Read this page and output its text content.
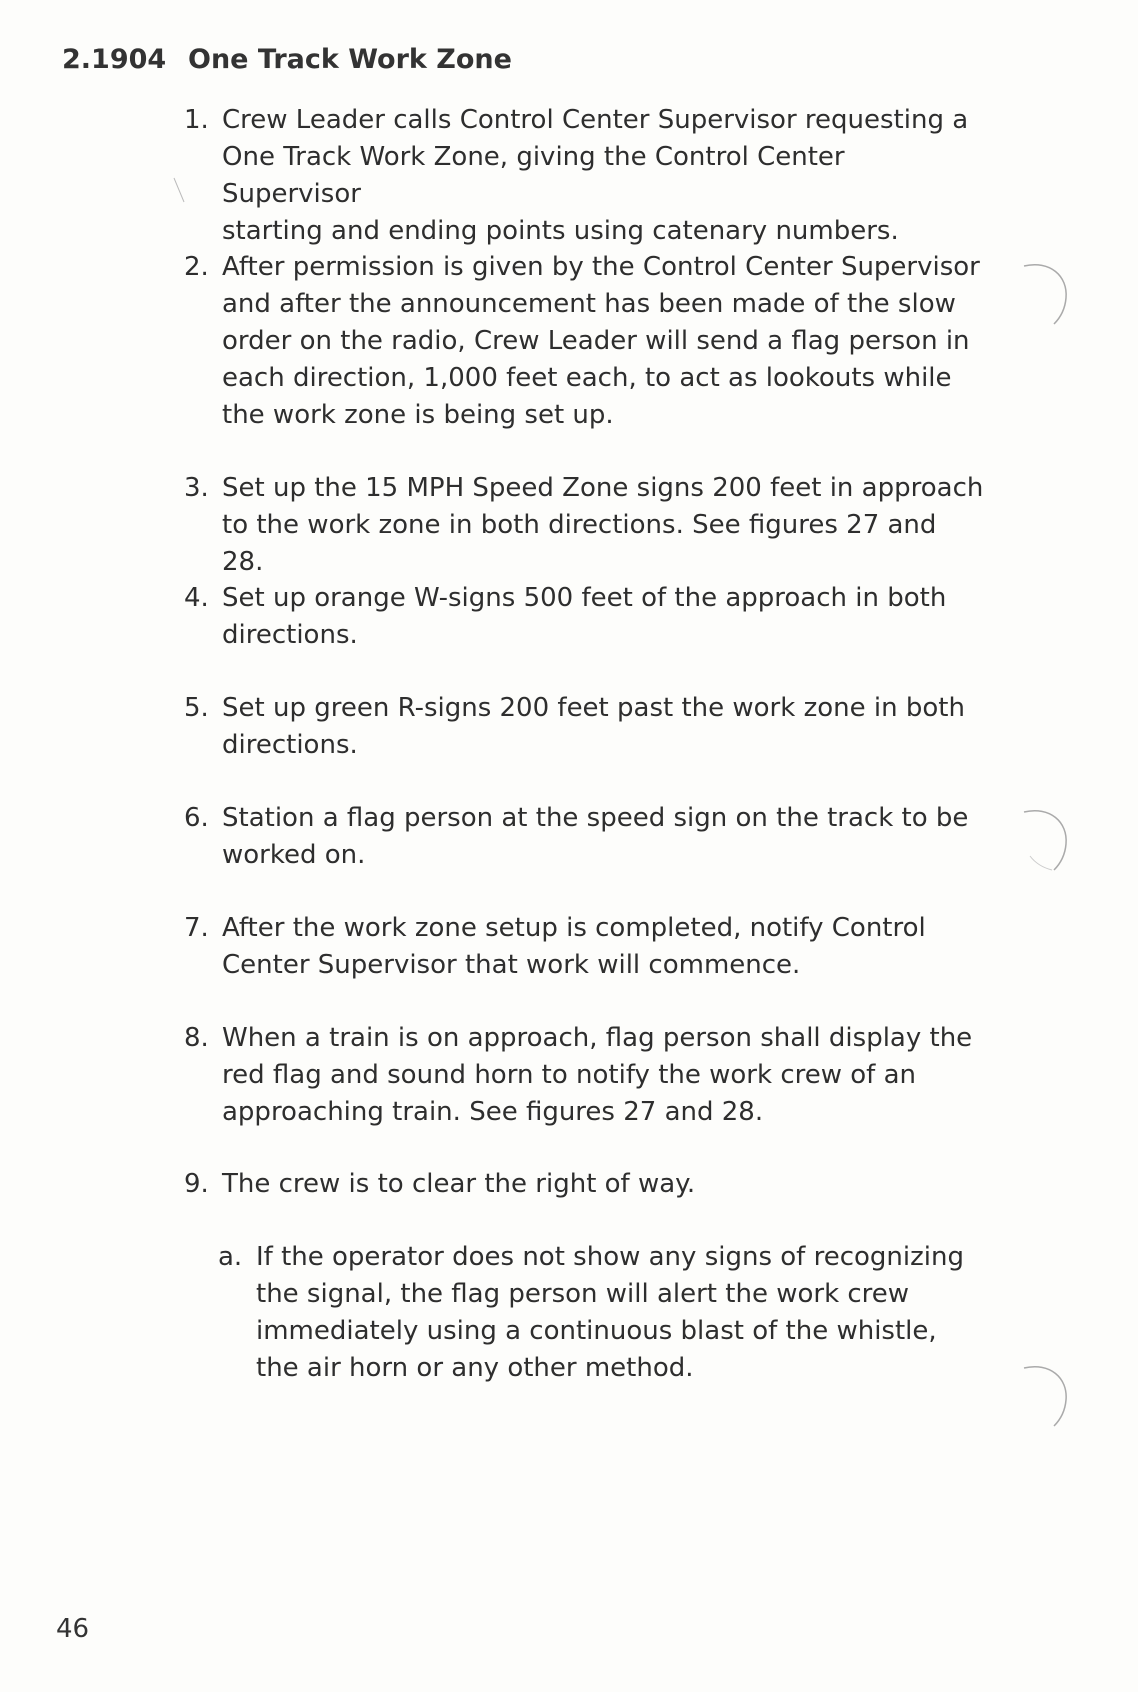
2.1904 One Track Work Zone
1. Crew Leader calls Control Center Supervisor requesting a
One Track Work Zone, giving the Control Center Supervisor
starting and ending points using catenary numbers.
2. After permission is given by the Control Center Supervisor
and after the announcement has been made of the slow
order on the radio, Crew Leader will send a flag person in
each direction, 1,000 feet each, to act as lookouts while
the work zone is being set up.
3. Set up the 15 MPH Speed Zone signs 200 feet in approach
to the work zone in both directions. See figures 27 and 28.
4. Set up orange W-signs 500 feet of the approach in both
directions.
5. Set up green R-signs 200 feet past the work zone in both
directions.
6. Station a flag person at the speed sign on the track to be
worked on.
7. After the work zone setup is completed, notify Control
Center Supervisor that work will commence.
8. When a train is on approach, flag person shall display the
red flag and sound horn to notify the work crew of an
approaching train. See figures 27 and 28.
9. The crew is to clear the right of way.
a. If the operator does not show any signs of recognizing
the signal, the flag person will alert the work crew
immediately using a continuous blast of the whistle,
the air horn or any other method.
46
